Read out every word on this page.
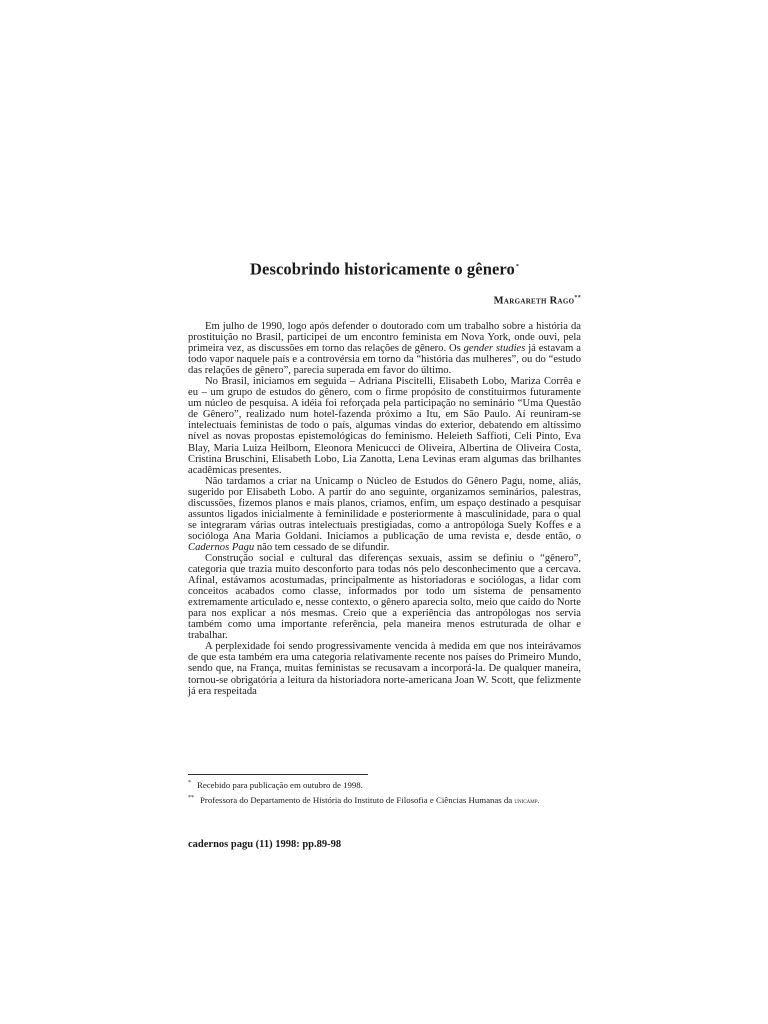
Descobrindo historicamente o gênero*
Margareth Rago**

Em julho de 1990, logo após defender o doutorado com um trabalho sobre a história da prostituição no Brasil, participei de um encontro feminista em Nova York, onde ouvi, pela primeira vez, as discussões em torno das relações de gênero. Os gender studies já estavam a todo vapor naquele país e a controvérsia em torno da “história das mulheres”, ou do “estudo das relações de gênero”, parecia superada em favor do último.

No Brasil, iniciamos em seguida – Adriana Piscitelli, Elisabeth Lobo, Mariza Corrêa e eu – um grupo de estudos do gênero, com o firme propósito de constituirmos futuramente um núcleo de pesquisa. A idéia foi reforçada pela participação no seminário “Uma Questão de Gênero”, realizado num hotel-fazenda próximo a Itu, em São Paulo. Aí reuniram-se intelectuais feministas de todo o país, algumas vindas do exterior, debatendo em altíssimo nível as novas propostas epistemológicas do feminismo. Heleieth Saffioti, Celi Pinto, Eva Blay, Maria Luiza Heilborn, Eleonora Menicucci de Oliveira, Albertina de Oliveira Costa, Cristina Bruschini, Elisabeth Lobo, Lia Zanotta, Lena Levinas eram algumas das brilhantes acadêmicas presentes.

Não tardamos a criar na Unicamp o Núcleo de Estudos do Gênero Pagu, nome, aliás, sugerido por Elisabeth Lobo. A partir do ano seguinte, organizamos seminários, palestras, discussões, fizemos planos e mais planos, criamos, enfim, um espaço destinado a pesquisar assuntos ligados inicialmente à feminilidade e posteriormente à masculinidade, para o qual se integraram várias outras intelectuais prestigiadas, como a antropóloga Suely Koffes e a socióloga Ana Maria Goldani. Iniciamos a publicação de uma revista e, desde então, o Cadernos Pagu não tem cessado de se difundir.

Construção social e cultural das diferenças sexuais, assim se definiu o “gênero”, categoria que trazia muito desconforto para todas nós pelo desconhecimento que a cercava. Afinal, estávamos acostumadas, principalmente as historiadoras e sociólogas, a lidar com conceitos acabados como classe, informados por todo um sistema de pensamento extremamente articulado e, nesse contexto, o gênero aparecia solto, meio que caído do Norte para nos explicar a nós mesmas. Creio que a experiência das antropólogas nos servia também como uma importante referência, pela maneira menos estruturada de olhar e trabalhar.

A perplexidade foi sendo progressivamente vencida à medida em que nos inteirávamos de que esta também era uma categoria relativamente recente nos países do Primeiro Mundo, sendo que, na França, muitas feministas se recusavam a incorporá-la. De qualquer maneira, tornou-se obrigatória a leitura da historiadora norte-americana Joan W. Scott, que felizmente já era respeitada

* Recebido para publicação em outubro de 1998.

** Professora do Departamento de História do Instituto de Filosofia e Ciências Humanas da unicamp.

cadernos pagu (11) 1998: pp.89-98
